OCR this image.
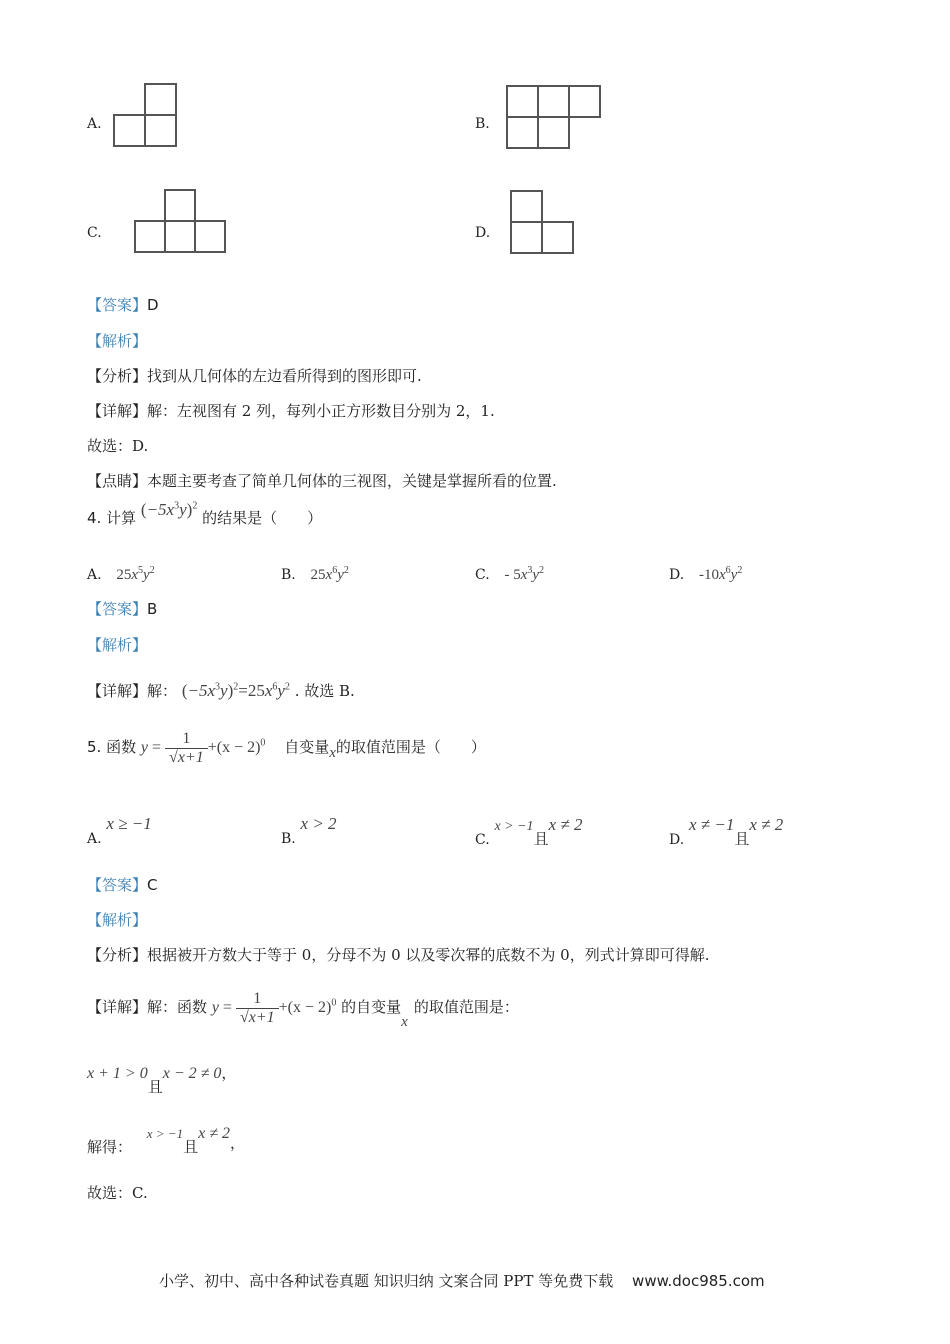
A.	B.
C.	D.
【答案】D
【解析】
【分析】找到从几何体的左边看所得到的图形即可.
【详解】解：左视图有 2 列，每列小正方形数目分别为 2，1.
故选：D.
【点睛】本题主要考查了简单几何体的三视图，关键是掌握所看的位置.
4. 计算 $(-5x^3y)^2$ 的结果是（　　）
A. $25x^5y^2$	B. $25x^6y^2$	C. - $5x^3y^2$	D. $-10x^6y^2$
【答案】B
【解析】
【详解】解： $(-5x^3y)^2=25x^6y^2$ . 故选 B.
5. 函数 $y = \frac{1}{√x+1} +(x - 2)^0$ 自变量x的取值范围是（　　）
A. x ≥ −1
B. x > 2
C. x > −1且x ≠ 2
D. x ≠ −1且x ≠ 2
【答案】C
【解析】
【分析】根据被开方数大于等于 0，分母不为 0 以及零次幂的底数不为 0，列式计算即可得解.
【详解】解：函数 $y = \frac{1}{√x+1} +(x - 2)^0$ 的自变量x的取值范围是：
x + 1 > 0且x − 2 ≠ 0，
解得： x > −1且x ≠ 2，
故选：C.
小学、初中、高中各种试卷真题 知识归纳 文案合同 PPT 等免费下载 www.doc985.com
